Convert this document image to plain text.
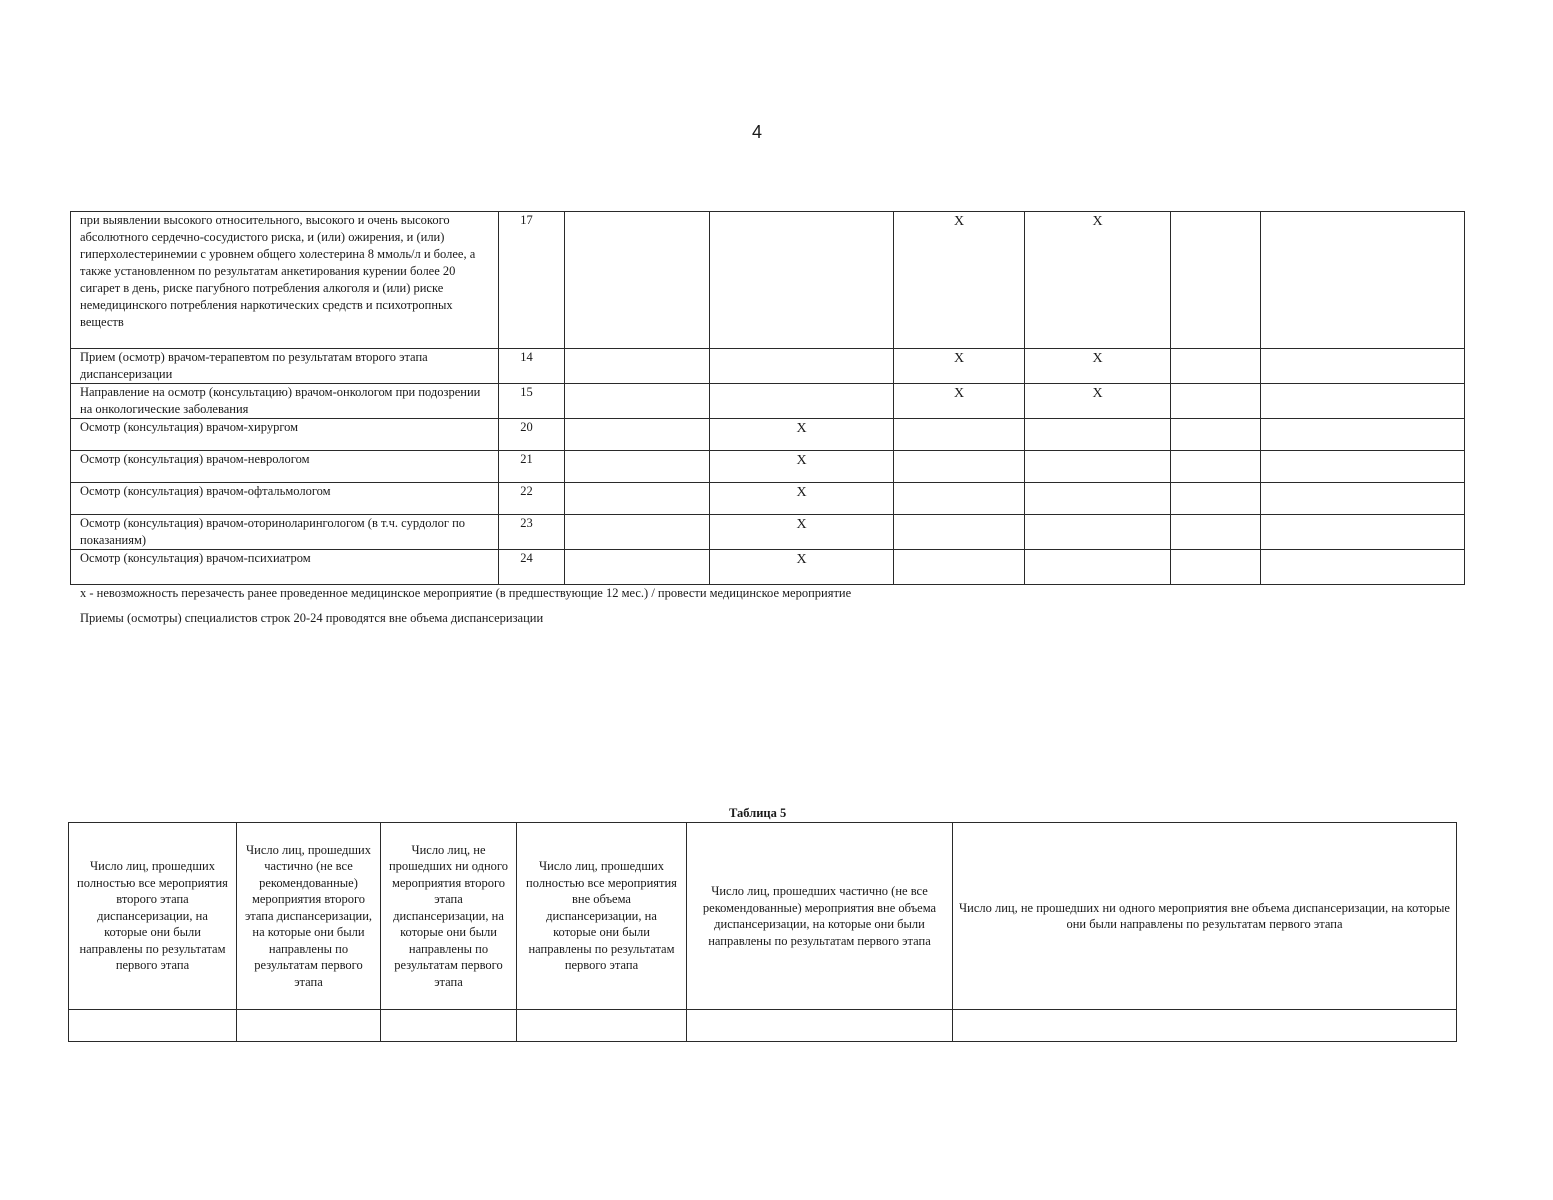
4
при выявлении высокого относительного, высокого и очень высокого абсолютного сердечно-сосудистого риска, и (или) ожирения, и (или) гиперхолестеринемии с уровнем общего холестерина 8 ммоль/л и более, а также установленном по результатам анкетирования курении более 20 сигарет в день, риске пагубного потребления алкоголя и (или) риске немедицинского потребления наркотических средств и психотропных веществ	17			X	X		
Прием (осмотр) врачом-терапевтом по результатам второго этапа диспансеризации	14			X	X		
Направление на осмотр (консультацию) врачом-онкологом при подозрении на онкологические заболевания	15			X	X		
Осмотр (консультация) врачом-хирургом	20		X				
Осмотр (консультация) врачом-неврологом	21		X				
Осмотр (консультация) врачом-офтальмологом	22		X				
Осмотр (консультация) врачом-оториноларингологом (в т.ч. сурдолог по показаниям)	23		X				
Осмотр (консультация) врачом-психиатром	24		X				
x - невозможность перезачесть ранее проведенное медицинское мероприятие (в предшествующие 12 мес.) / провести медицинское мероприятие
Приемы (осмотры) специалистов строк 20-24 проводятся вне объема диспансеризации
Таблица 5
Число лиц, прошедших полностью все мероприятия второго этапа диспансеризации, на которые они были направлены по результатам первого этапа	Число лиц, прошедших частично (не все рекомендованные) мероприятия второго этапа диспансеризации, на которые они были направлены по результатам первого этапа	Число лиц, не прошедших ни одного мероприятия второго этапа диспансеризации, на которые они были направлены по результатам первого этапа	Число лиц, прошедших полностью все мероприятия вне объема диспансеризации, на которые они были направлены по результатам первого этапа	Число лиц, прошедших частично (не все рекомендованные) мероприятия вне объема диспансеризации, на которые они были направлены по результатам первого этапа	Число лиц, не прошедших ни одного мероприятия вне объема диспансеризации, на которые они были направлены по результатам первого этапа
